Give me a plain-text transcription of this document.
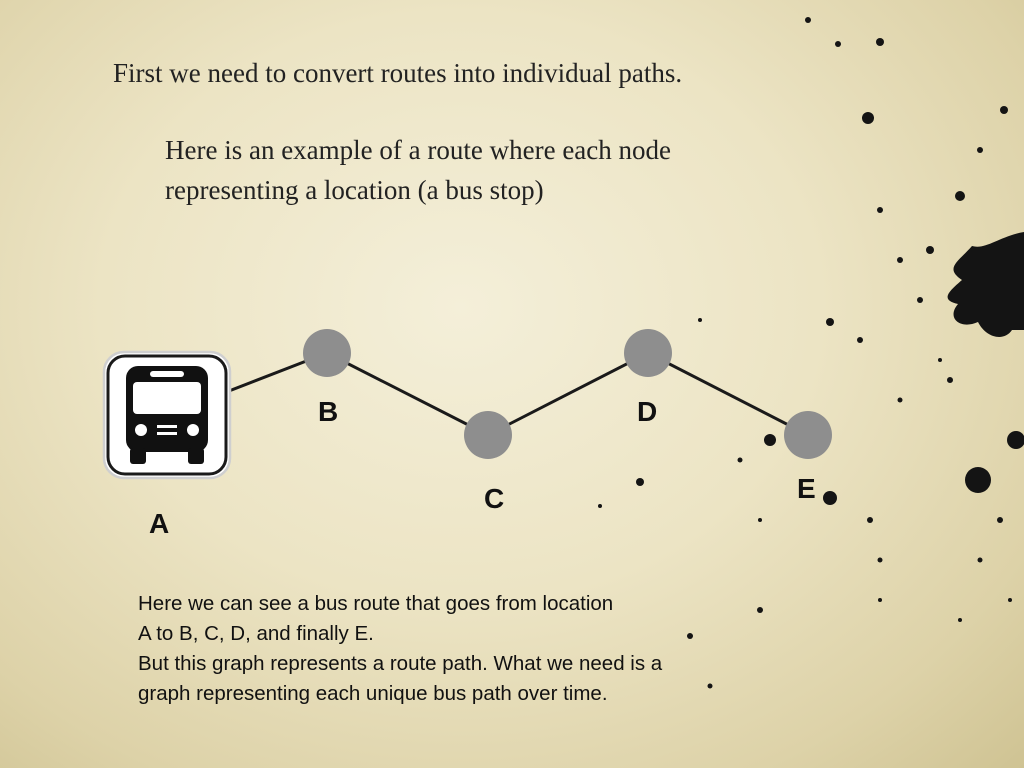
A
B
C
D
E
First we need to convert routes into individual paths.
Here is an example of a route where each node
representing a location (a bus stop)
Here we can see a bus route that goes from location
A to B, C, D, and finally E.
But this graph represents a route path. What we need is a
graph representing each unique bus path over time.
